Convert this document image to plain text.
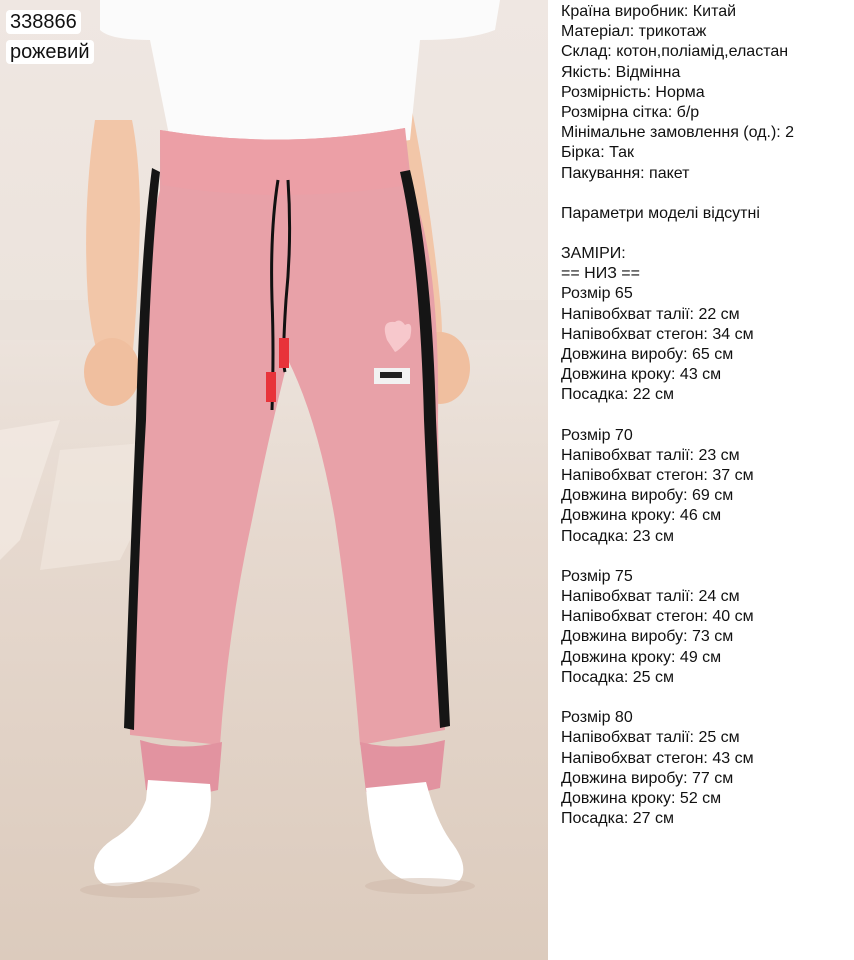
338866
рожевий
Країна виробник: Китай
Матеріал: трикотаж
Склад: котон,поліамід,еластан
Якість: Відмінна
Розмірність: Норма
Розмірна сітка: б/р
Мінімальне замовлення (од.): 2
Бірка: Так
Пакування: пакет
Параметри моделі відсутні
ЗАМІРИ:
== НИЗ ==
Розмір 65
Напівобхват талії: 22 см
Напівобхват стегон: 34 см
Довжина виробу: 65 см
Довжина кроку: 43 см
Посадка: 22 см
Розмір 70
Напівобхват талії: 23 см
Напівобхват стегон: 37 см
Довжина виробу: 69 см
Довжина кроку: 46 см
Посадка: 23 см
Розмір 75
Напівобхват талії: 24 см
Напівобхват стегон: 40 см
Довжина виробу: 73 см
Довжина кроку: 49 см
Посадка: 25 см
Розмір 80
Напівобхват талії: 25 см
Напівобхват стегон: 43 см
Довжина виробу: 77 см
Довжина кроку: 52 см
Посадка: 27 см
